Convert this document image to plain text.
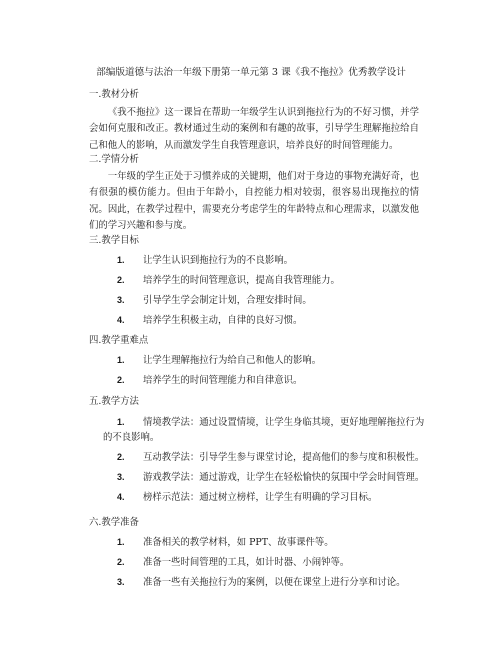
部编版道德与法治一年级下册第一单元第 3 课《我不拖拉》优秀教学设计
一.教材分析

《我不拖拉》这一课旨在帮助一年级学生认识到拖拉行为的不好习惯，并学会如何克服和改正。教材通过生动的案例和有趣的故事，引导学生理解拖拉给自己和他人的影响，从而激发学生自我管理意识，培养良好的时间管理能力。

二.学情分析

一年级的学生正处于习惯养成的关键期，他们对于身边的事物充满好奇，也有很强的模仿能力。但由于年龄小，自控能力相对较弱，很容易出现拖拉的情况。因此，在教学过程中，需要充分考虑学生的年龄特点和心理需求，以激发他们的学习兴趣和参与度。

三.教学目标
1. 让学生认识到拖拉行为的不良影响。
2. 培养学生的时间管理意识，提高自我管理能力。
3. 引导学生学会制定计划，合理安排时间。
4. 培养学生积极主动，自律的良好习惯。
四.教学重难点
1. 让学生理解拖拉行为给自己和他人的影响。
2. 培养学生的时间管理能力和自律意识。
五.教学方法
1. 情境教学法：通过设置情境，让学生身临其境，更好地理解拖拉行为
的不良影响。
2. 互动教学法：引导学生参与课堂讨论，提高他们的参与度和积极性。
3. 游戏教学法：通过游戏，让学生在轻松愉快的氛围中学会时间管理。
4. 榜样示范法：通过树立榜样，让学生有明确的学习目标。
六.教学准备
1. 准备相关的教学材料，如 PPT、故事课件等。
2. 准备一些时间管理的工具，如计时器、小闹钟等。
3. 准备一些有关拖拉行为的案例，以便在课堂上进行分享和讨论。
